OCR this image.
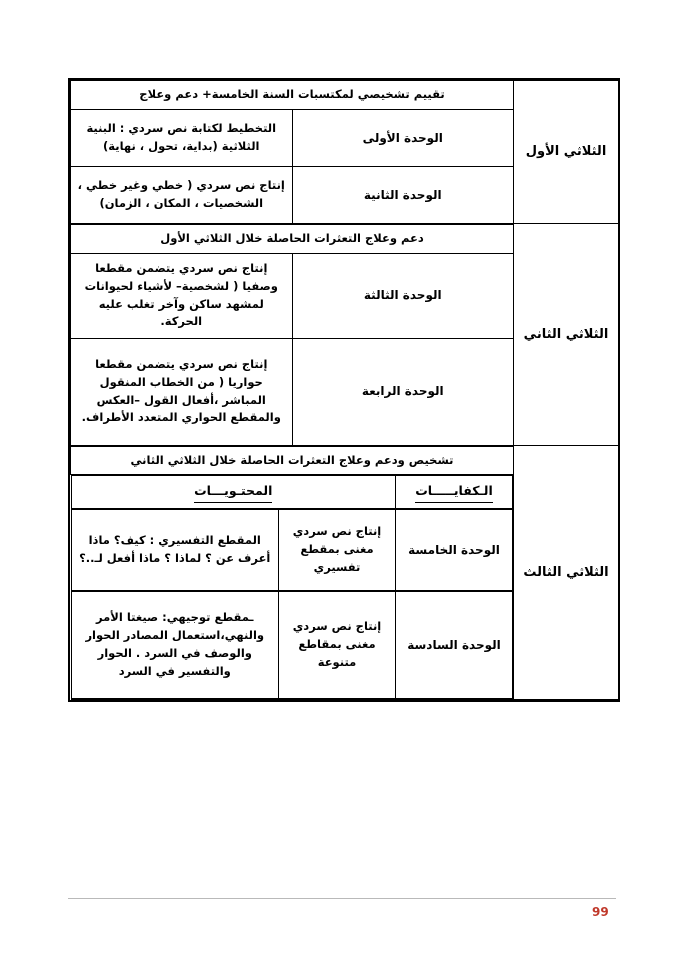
الثلاثي الأول	تقييم تشخيصي لمكتسبات السنة الخامسة+ دعم وعلاج
الوحدة الأولى	التخطيط لكتابة نص سردي : البنية الثلاثية (بداية، تحول ، نهاية)
الوحدة الثانية	إنتاج نص سردي ( خطي وغير خطي ، الشخصيات ، المكان ، الزمان)
الثلاثي الثاني	دعم وعلاج التعثرات الحاصلة خلال الثلاثي الأول
الوحدة الثالثة	إنتاج نص سردي يتضمن مقطعا وصفيا ( لشخصية– لأشياء لحيوانات لمشهد ساكن وآخر تغلب عليه الحركة.
الوحدة الرابعة	إنتاج نص سردي يتضمن مقطعا حواريا ( من الخطاب المنقول المباشر ،أفعال القول –العكس والمقطع الحواري المتعدد الأطراف.
الثلاثي الثالث	تشخيص ودعم وعلاج التعثرات الحاصلة خلال الثلاثي الثاني

الـكفايـــــات	المحتـويـــات

الوحدة الخامسة	إنتاج نص سردي مغنى بمقطع تفسيري	المقطع التفسيري : كيف؟ ماذا أعرف عن ؟ لماذا ؟ ماذا أفعل لـ..؟

الوحدة السادسة	إنتاج نص سردي مغنى بمقاطع متنوعة	ـمقطع توجيهي: صيغتا الأمر والنهي،استعمال المصادر الحوار والوصف في السرد . الحوار والتفسير في السرد
99
